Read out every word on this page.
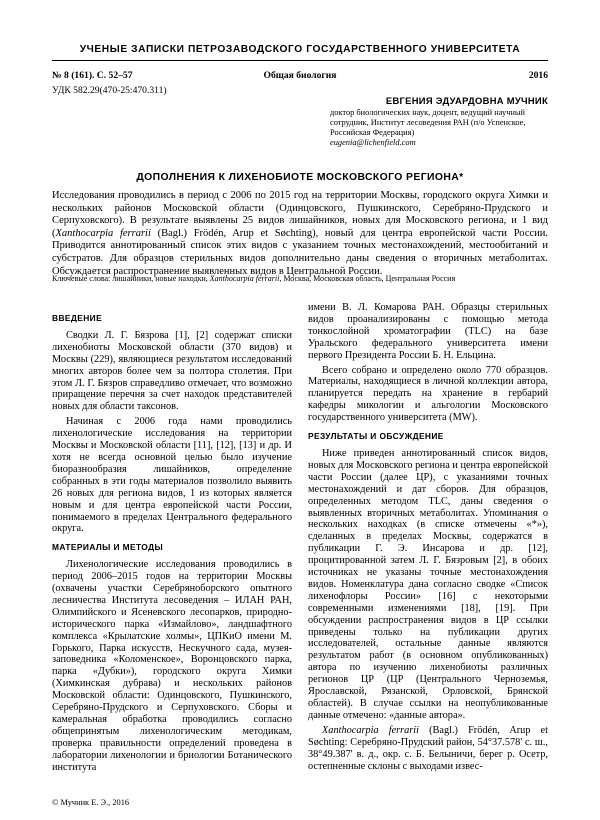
УЧЕНЫЕ ЗАПИСКИ ПЕТРОЗАВОДСКОГО ГОСУДАРСТВЕННОГО УНИВЕРСИТЕТА
№ 8 (161). С. 52–57	Общая биология	2016
УДК 582.29(470-25:470.311)
ЕВГЕНИЯ ЭДУАРДОВНА МУЧНИК
доктор биологических наук, доцент, ведущий научный сотрудник, Институт лесоведения РАН (п/о Успенское, Российская Федерация)
eugenia@lichenfield.com
ДОПОЛНЕНИЯ К ЛИХЕНОБИОТЕ МОСКОВСКОГО РЕГИОНА*
Исследования проводились в период с 2006 по 2015 год на территории Москвы, городского округа Химки и нескольких районов Московской области (Одинцовского, Пушкинского, Серебряно-Прудского и Серпуховского). В результате выявлены 25 видов лишайников, новых для Московского региона, и 1 вид (Xanthocarpia ferrarii (Bagl.) Frödén, Arup et Søchting), новый для центра европейской части России. Приводится аннотированный список этих видов с указанием точных местонахождений, местообитаний и субстратов. Для образцов стерильных видов дополнительно даны сведения о вторичных метаболитах. Обсуждается распространение выявленных видов в Центральной России.
Ключевые слова: лишайники, новые находки, Xanthocarpia ferrarii, Москва, Московская область, Центральная Россия
ВВЕДЕНИЕ

Сводки Л. Г. Бязрова [1], [2] содержат списки лихенобиоты Московской области (370 видов) и Москвы (229), являющиеся результатом исследований многих авторов более чем за полтора столетия. При этом Л. Г. Бязров справедливо отмечает, что возможно приращение перечня за счет находок представителей новых для области таксонов.

Начиная с 2006 года нами проводились лихенологические исследования на территории Москвы и Московской области [11], [12], [13] и др. И хотя не всегда основной целью было изучение биоразнообразия лишайников, определение собранных в эти годы материалов позволило выявить 26 новых для региона видов, 1 из которых является новым и для центра европейской части России, понимаемого в пределах Центрального федерального округа.

МАТЕРИАЛЫ И МЕТОДЫ

Лихенологические исследования проводились в период 2006–2015 годов на территории Москвы (охвачены участки Серебряноборского опытного лесничества Института лесоведения – ИЛАН РАН, Олимпийского и Ясеневского лесопарков, природно-исторического парка «Измайлово», ландшафтного комплекса «Крылатские холмы», ЦПКиО имени М. Горького, Парка искусств, Нескучного сада, музея-заповедника «Коломенское», Воронцовского парка, парка «Дубки»), городского округа Химки (Химкинская дубрава) и нескольких районов Московской области: Одинцовского, Пушкинского, Серебряно-Прудского и Серпуховского. Сборы и камеральная обработка проводились согласно общепринятым лихенологическим методикам, проверка правильности определений проведена в лаборатории лихенологии и бриологии Ботанического института

имени В. Л. Комарова РАН. Образцы стерильных видов проанализированы с помощью метода тонкослойной хроматографии (TLC) на базе Уральского федерального университета имени первого Президента России Б. Н. Ельцина.

Всего собрано и определено около 770 образцов. Материалы, находящиеся в личной коллекции автора, планируется передать на хранение в гербарий кафедры микологии и альгологии Московского государственного университета (MW).

РЕЗУЛЬТАТЫ И ОБСУЖДЕНИЕ

Ниже приведен аннотированный список видов, новых для Московского региона и центра европейской части России (далее ЦР), с указаниями точных местонахождений и дат сборов. Для образцов, определенных методом TLC, даны сведения о выявленных вторичных метаболитах. Упоминания о нескольких находках (в списке отмечены «*»), сделанных в пределах Москвы, содержатся в публикации Г. Э. Инсарова и др. [12], процитированной затем Л. Г. Бязровым [2], в обоих источниках не указаны точные местонахождения видов. Номенклатура дана согласно сводке «Список лихенофлоры России» [16] с некоторыми современными изменениями [18], [19]. При обсуждении распространения видов в ЦР ссылки приведены только на публикации других исследователей, остальные данные являются результатом работ (в основном опубликованных) автора по изучению лихенобиоты различных регионов ЦР (ЦР (Центрального Черноземья, Ярославской, Рязанской, Орловской, Брянской областей). В случае ссылки на неопубликованные данные отмечено: «данные автора».

Xanthocarpia ferrarii (Bagl.) Frödén, Arup et Søchting: Серебряно-Прудский район, 54°37.578' с. ш., 38°49.387' в. д., окр. с. Б. Белыничи, берег р. Осетр, остепненные склоны с выходами извес-

© Мучник Е. Э., 2016
